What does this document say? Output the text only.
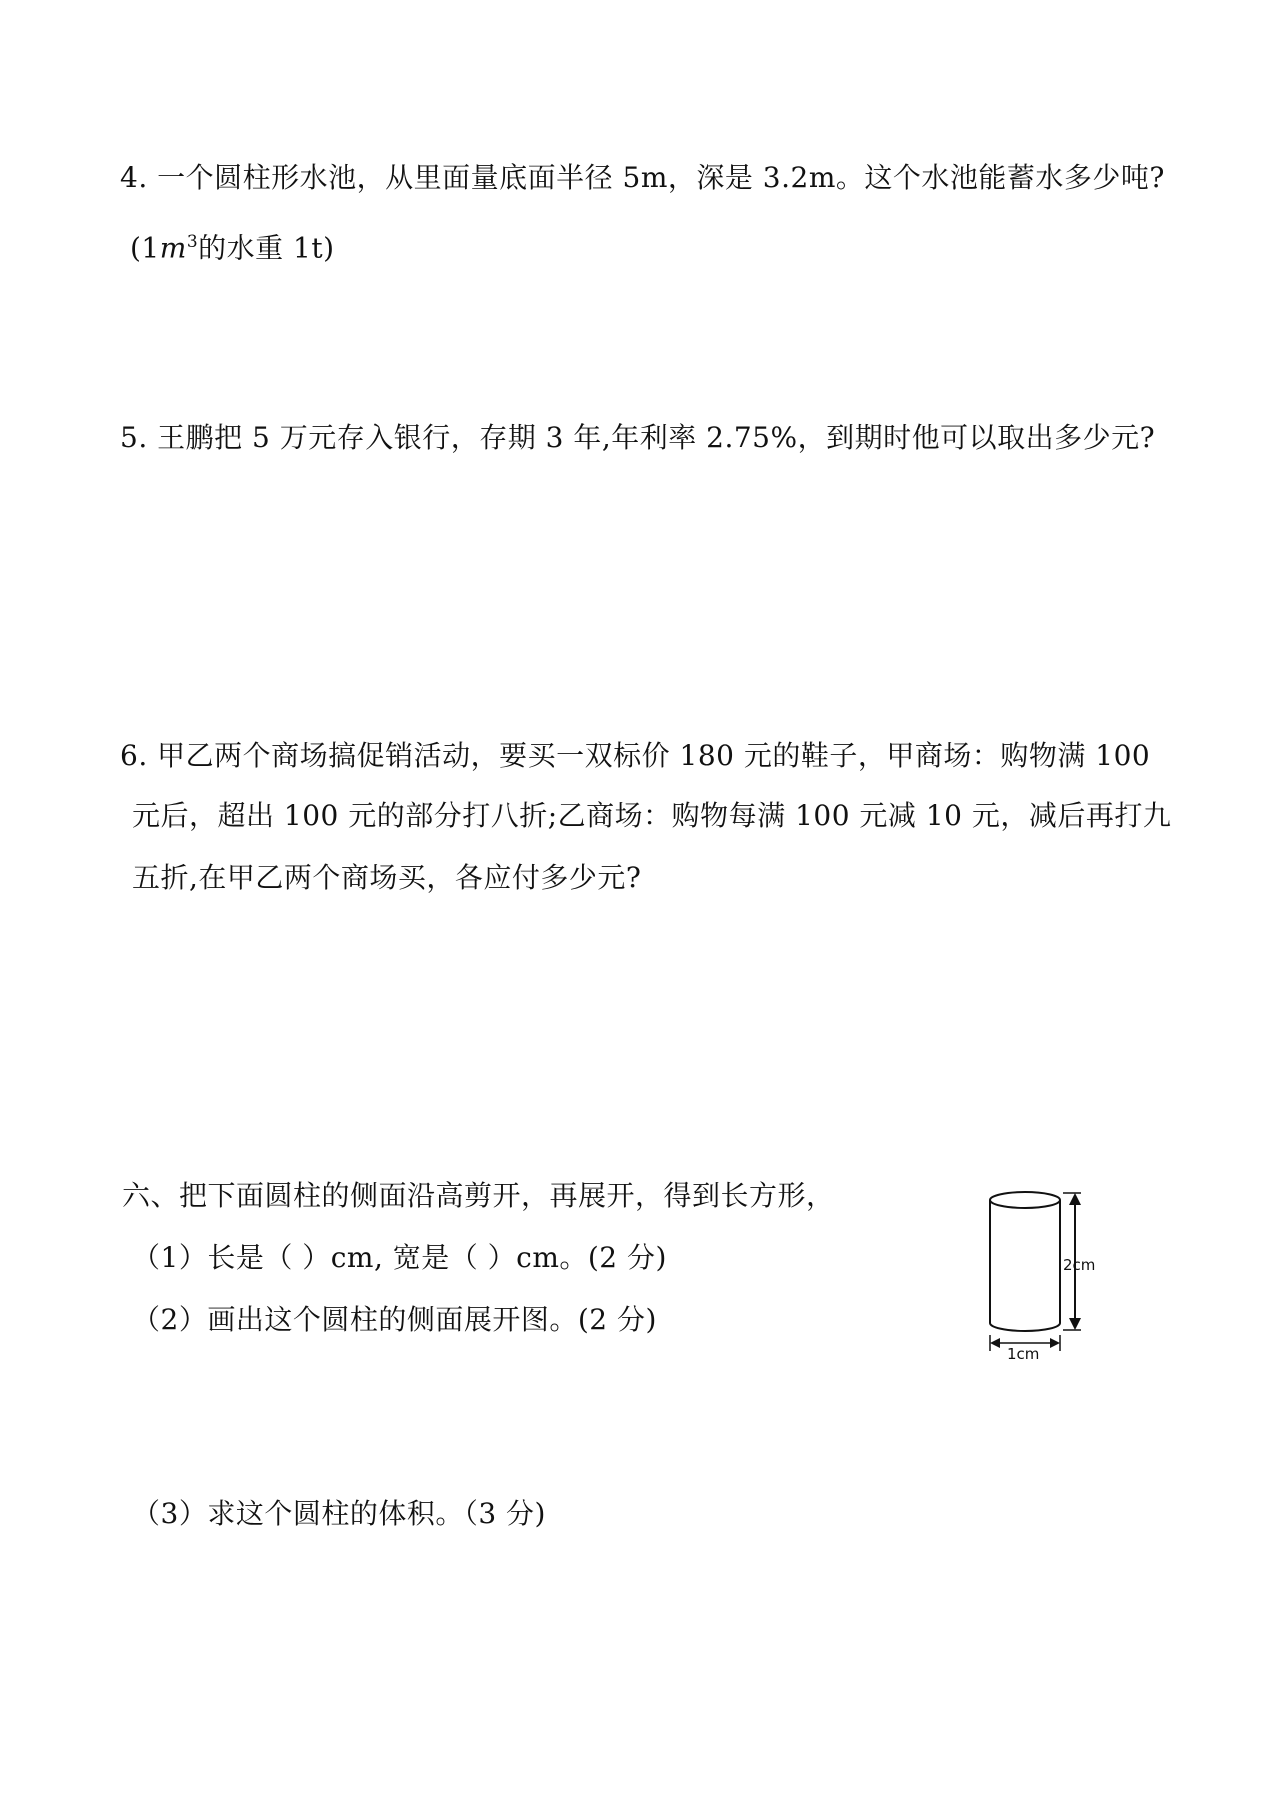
4. 一个圆柱形水池，从里面量底面半径 5m，深是 3.2m。这个水池能蓄水多少吨?

($1m^3$的水重 1t)

5. 王鹏把 5 万元存入银行，存期 3 年,年利率 2.75%，到期时他可以取出多少元?

6. 甲乙两个商场搞促销活动，要买一双标价 180 元的鞋子，甲商场：购物满 100

元后，超出 100 元的部分打八折;乙商场：购物每满 100 元减 10 元，减后再打九

五折,在甲乙两个商场买，各应付多少元?

六、把下面圆柱的侧面沿高剪开，再展开，得到长方形，

（1）长是（ ）cm, 宽是（ ）cm。(2 分)

（2）画出这个圆柱的侧面展开图。(2 分)

（3）求这个圆柱的体积。（3 分)

2cm
1cm
